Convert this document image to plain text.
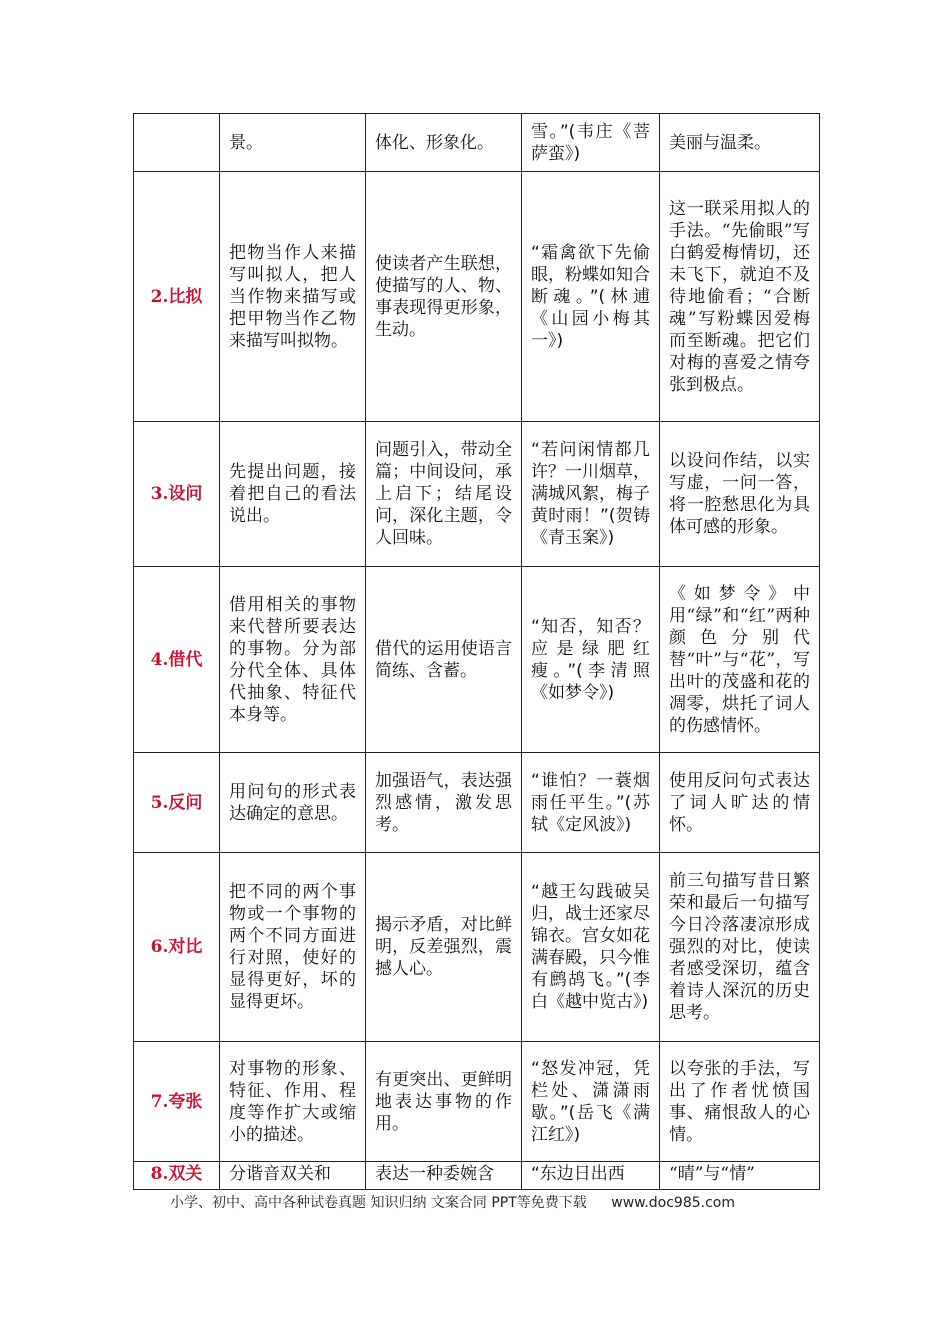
	景。	体化、形象化。	雪。”(韦庄《菩萨蛮》)	美丽与温柔。
2.比拟	把物当作人来描写叫拟人，把人当作物来描写或把甲物当作乙物来描写叫拟物。	使读者产生联想，使描写的人、物、事表现得更形象，生动。	“霜禽欲下先偷眼，粉蝶如知合断魂。”(林逋《山园小梅其一》)	这一联采用拟人的手法。“先偷眼”写白鹤爱梅情切，还未飞下，就迫不及待地偷看；“合断魂”写粉蝶因爱梅而至断魂。把它们对梅的喜爱之情夸张到极点。
3.设问	先提出问题，接着把自己的看法说出。	问题引入，带动全篇；中间设问，承上启下；结尾设问，深化主题，令人回味。	“若问闲情都几许？一川烟草，满城风絮，梅子黄时雨！”(贺铸《青玉案》)	以设问作结，以实写虚，一问一答，将一腔愁思化为具体可感的形象。
4.借代	借用相关的事物来代替所要表达的事物。分为部分代全体、具体代抽象、特征代本身等。	借代的运用使语言简练、含蓄。	“知否，知否？应是绿肥红瘦。”(李清照《如梦令》)	《如梦令》中用“绿”和“红”两种颜色分别代替“叶”与“花”，写出叶的茂盛和花的凋零，烘托了词人的伤感情怀。
5.反问	用问句的形式表达确定的意思。	加强语气，表达强烈感情，激发思考。	“谁怕？一蓑烟雨任平生。”(苏轼《定风波》)	使用反问句式表达了词人旷达的情怀。
6.对比	把不同的两个事物或一个事物的两个不同方面进行对照，使好的显得更好，坏的显得更坏。	揭示矛盾，对比鲜明，反差强烈，震撼人心。	“越王勾践破吴归，战士还家尽锦衣。宫女如花满春殿，只今惟有鹧鸪飞。”(李白《越中览古》)	前三句描写昔日繁荣和最后一句描写今日冷落凄凉形成强烈的对比，使读者感受深切，蕴含着诗人深沉的历史思考。
7.夸张	对事物的形象、特征、作用、程度等作扩大或缩小的描述。	有更突出、更鲜明地表达事物的作用。	“怒发冲冠，凭栏处、潇潇雨歇。”(岳飞《满江红》)	以夸张的手法，写出了作者忧愤国事、痛恨敌人的心情。
8.双关	分谐音双关和	表达一种委婉含	“东边日出西	“晴”与“情”
小学、初中、高中各种试卷真题 知识归纳 文案合同 PPT等免费下载 www.doc985.com
